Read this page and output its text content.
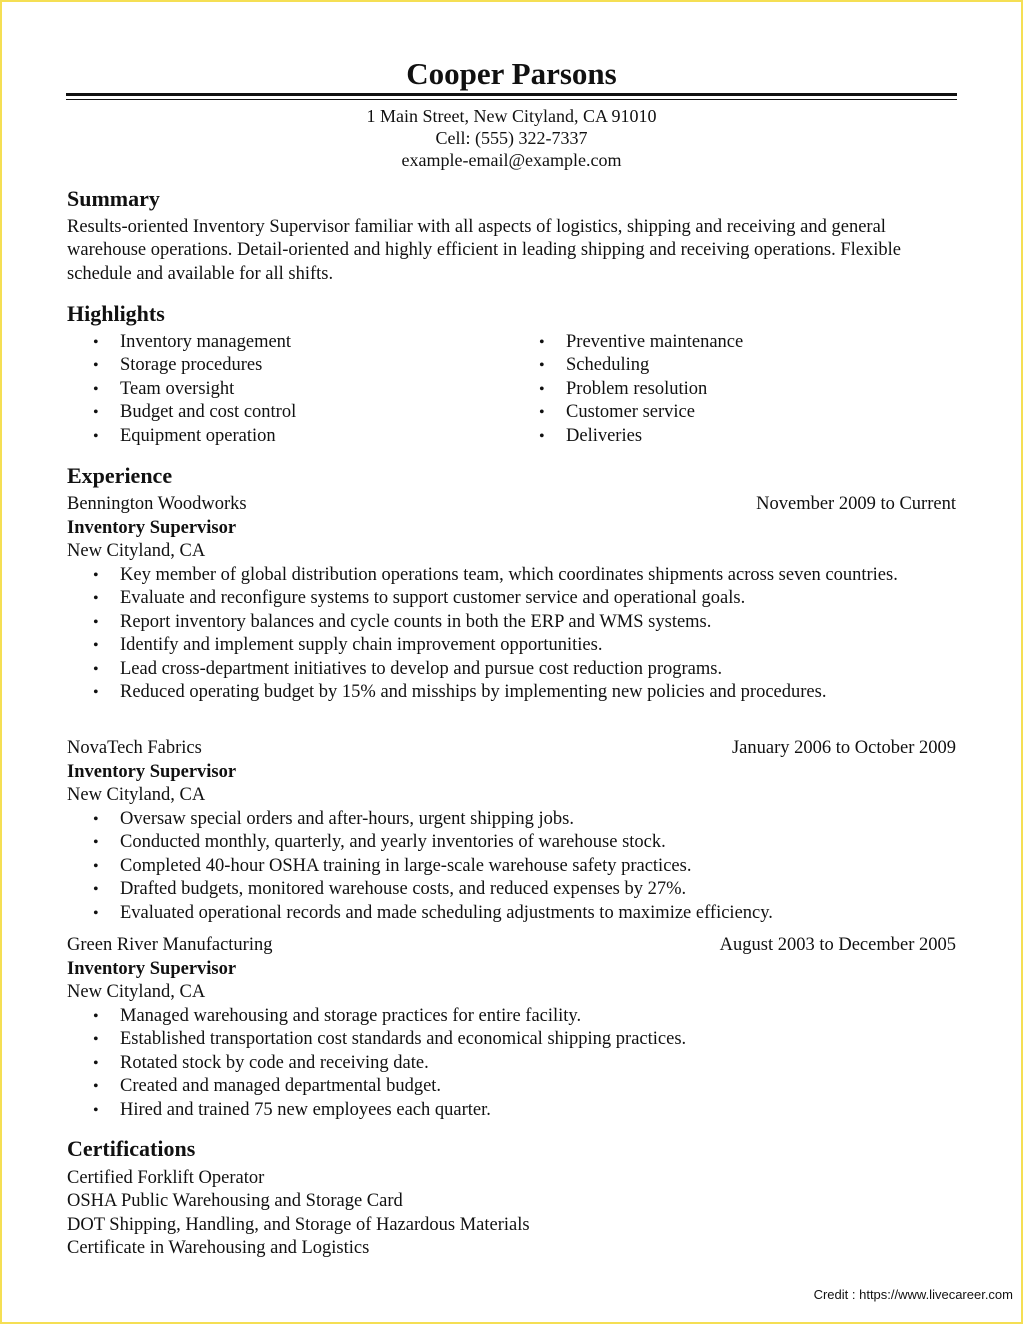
Cooper Parsons
1 Main Street, New Cityland, CA 91010
Cell: (555) 322-7337
example-email@example.com
Summary
Results-oriented Inventory Supervisor familiar with all aspects of logistics, shipping and receiving and general warehouse operations. Detail-oriented and highly efficient in leading shipping and receiving operations. Flexible schedule and available for all shifts.
Highlights
• Inventory management
• Storage procedures
• Team oversight
• Budget and cost control
• Equipment operation
• Preventive maintenance
• Scheduling
• Problem resolution
• Customer service
• Deliveries
Experience
Bennington Woodworks	November 2009 to Current
Inventory Supervisor
New Cityland, CA
• Key member of global distribution operations team, which coordinates shipments across seven countries.
• Evaluate and reconfigure systems to support customer service and operational goals.
• Report inventory balances and cycle counts in both the ERP and WMS systems.
• Identify and implement supply chain improvement opportunities.
• Lead cross-department initiatives to develop and pursue cost reduction programs.
• Reduced operating budget by 15% and misships by implementing new policies and procedures.
NovaTech Fabrics	January 2006 to October 2009
Inventory Supervisor
New Cityland, CA
• Oversaw special orders and after-hours, urgent shipping jobs.
• Conducted monthly, quarterly, and yearly inventories of warehouse stock.
• Completed 40-hour OSHA training in large-scale warehouse safety practices.
• Drafted budgets, monitored warehouse costs, and reduced expenses by 27%.
• Evaluated operational records and made scheduling adjustments to maximize efficiency.
Green River Manufacturing	August 2003 to December 2005
Inventory Supervisor
New Cityland, CA
• Managed warehousing and storage practices for entire facility.
• Established transportation cost standards and economical shipping practices.
• Rotated stock by code and receiving date.
• Created and managed departmental budget.
• Hired and trained 75 new employees each quarter.
Certifications
Certified Forklift Operator
OSHA Public Warehousing and Storage Card
DOT Shipping, Handling, and Storage of Hazardous Materials
Certificate in Warehousing and Logistics
Credit : https://www.livecareer.com
